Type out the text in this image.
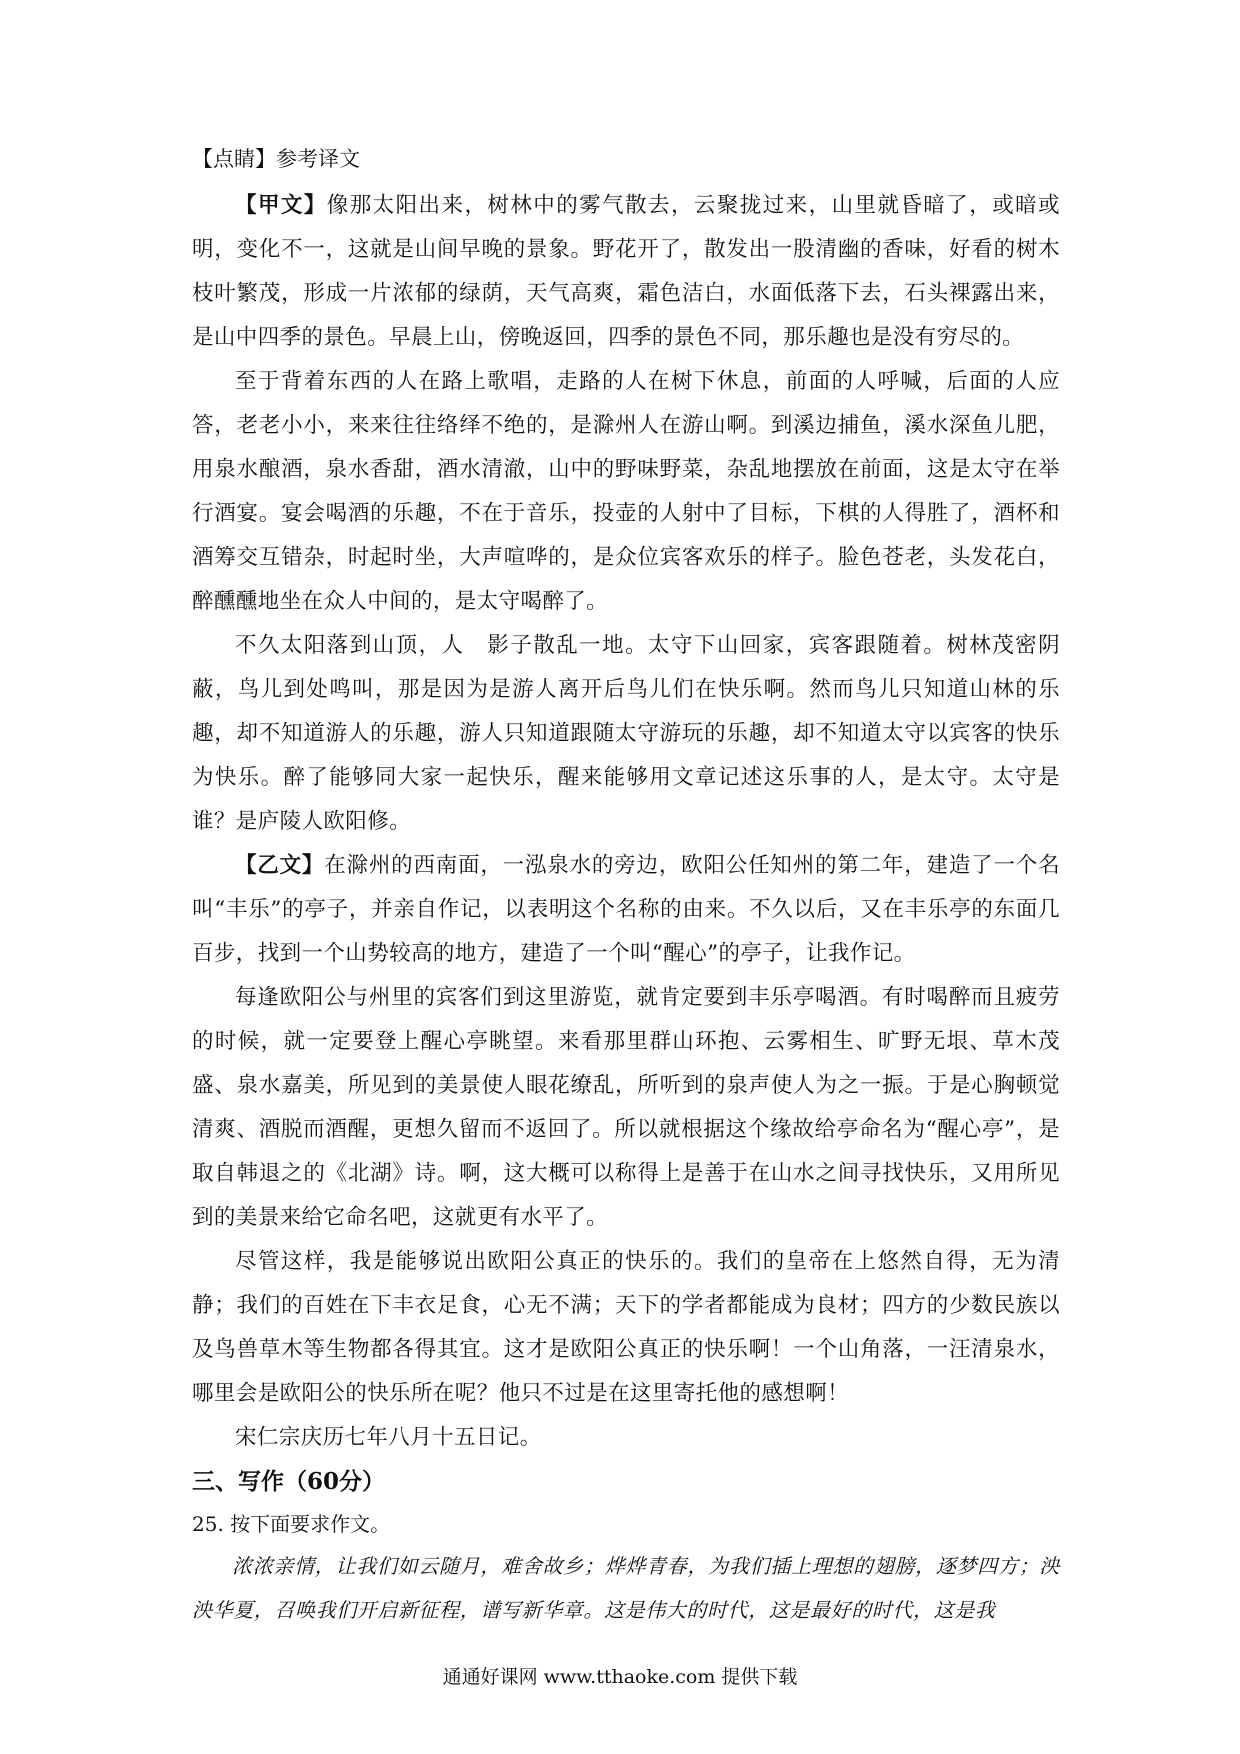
【点睛】参考译文

【甲文】像那太阳出来，树林中的雾气散去，云聚拢过来，山里就昏暗了，或暗或明，变化不一，这就是山间早晚的景象。野花开了，散发出一股清幽的香味，好看的树木枝叶繁茂，形成一片浓郁的绿荫，天气高爽，霜色洁白，水面低落下去，石头裸露出来，是山中四季的景色。早晨上山，傍晚返回，四季的景色不同，那乐趣也是没有穷尽的。

至于背着东西的人在路上歌唱，走路的人在树下休息，前面的人呼喊，后面的人应答，老老小小，来来往往络绎不绝的，是滁州人在游山啊。到溪边捕鱼，溪水深鱼儿肥，用泉水酿酒，泉水香甜，酒水清澈，山中的野味野菜，杂乱地摆放在前面，这是太守在举行酒宴。宴会喝酒的乐趣，不在于音乐，投壶的人射中了目标，下棋的人得胜了，酒杯和酒筹交互错杂，时起时坐，大声喧哗的，是众位宾客欢乐的样子。脸色苍老，头发花白，醉醺醺地坐在众人中间的，是太守喝醉了。

不久太阳落到山顶，人　影子散乱一地。太守下山回家，宾客跟随着。树林茂密阴蔽，鸟儿到处鸣叫，那是因为是游人离开后鸟儿们在快乐啊。然而鸟儿只知道山林的乐趣，却不知道游人的乐趣，游人只知道跟随太守游玩的乐趣，却不知道太守以宾客的快乐为快乐。醉了能够同大家一起快乐，醒来能够用文章记述这乐事的人，是太守。太守是谁？是庐陵人欧阳修。

【乙文】在滁州的西南面，一泓泉水的旁边，欧阳公任知州的第二年，建造了一个名叫“丰乐”的亭子，并亲自作记，以表明这个名称的由来。不久以后，又在丰乐亭的东面几百步，找到一个山势较高的地方，建造了一个叫“醒心”的亭子，让我作记。

每逢欧阳公与州里的宾客们到这里游览，就肯定要到丰乐亭喝酒。有时喝醉而且疲劳的时候，就一定要登上醒心亭眺望。来看那里群山环抱、云雾相生、旷野无垠、草木茂盛、泉水嘉美，所见到的美景使人眼花缭乱，所听到的泉声使人为之一振。于是心胸顿觉清爽、酒脱而酒醒，更想久留而不返回了。所以就根据这个缘故给亭命名为“醒心亭”，是取自韩退之的《北湖》诗。啊，这大概可以称得上是善于在山水之间寻找快乐，又用所见到的美景来给它命名吧，这就更有水平了。

尽管这样，我是能够说出欧阳公真正的快乐的。我们的皇帝在上悠然自得，无为清静；我们的百姓在下丰衣足食，心无不满；天下的学者都能成为良材；四方的少数民族以及鸟兽草木等生物都各得其宜。这才是欧阳公真正的快乐啊！一个山角落，一汪清泉水，哪里会是欧阳公的快乐所在呢？他只不过是在这里寄托他的感想啊！

宋仁宗庆历七年八月十五日记。

三、写作（60分）

25. 按下面要求作文。

浓浓亲情，让我们如云随月，难舍故乡；烨烨青春，为我们插上理想的翅膀，逐梦四方；泱泱华夏，召唤我们开启新征程，谱写新华章。这是伟大的时代，这是最好的时代，这是我

通通好课网 www.tthaoke.com 提供下载
